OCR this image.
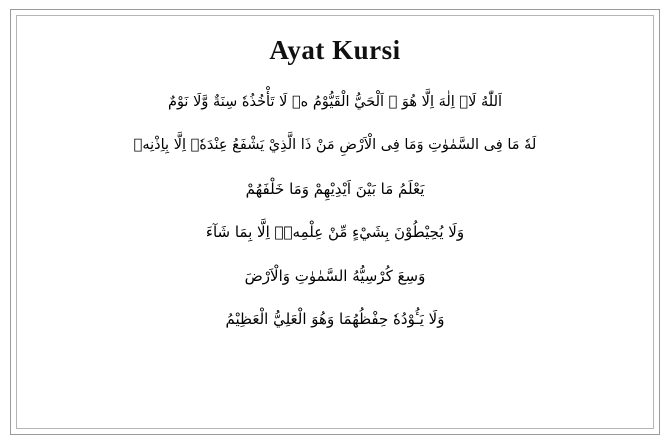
Ayat Kursi
اَللّٰهُ لَاۤ اِلٰهَ اِلَّا هُوَ ۚ اَلْحَيُّ الْقَيُّوْمُ ەۚ لَا تَأْخُذُهٗ سِنَةٌ وَّلَا نَوْمٌ
لَهٗ مَا فِى السَّمٰوٰتِ وَمَا فِى الْاَرْضِ مَنْ ذَا الَّذِيْ يَشْفَعُ عِنْدَهٗۤ اِلَّا بِاِذْنِهٖ
يَعْلَمُ مَا بَيْنَ اَيْدِيْهِمْ وَمَا خَلْفَهُمْ
وَلَا يُحِيْطُوْنَ بِشَيْءٍ مِّنْ عِلْمِهٖۤ اِلَّا بِمَا شَآءَ
وَسِعَ كُرْسِيُّهُ السَّمٰوٰتِ وَالْاَرْضَ
وَلَا يَـُٔوْدُهٗ حِفْظُهُمَا وَهُوَ الْعَلِيُّ الْعَظِيْمُ
